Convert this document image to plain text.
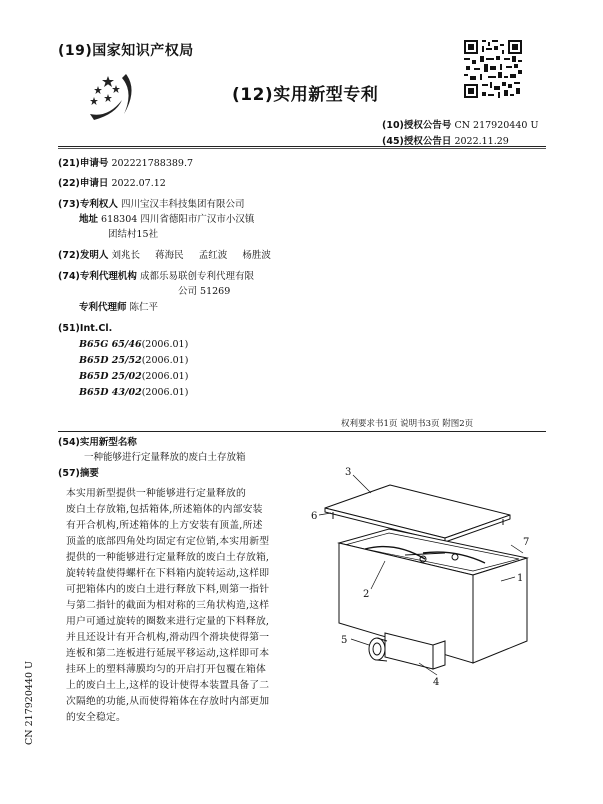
(19)国家知识产权局
(12)实用新型专利
(10)授权公告号 CN 217920440 U
(45)授权公告日 2022.11.29
(21)申请号 202221788389.7
(22)申请日 2022.07.12
(73)专利权人 四川宝汉丰科技集团有限公司
地址 618304 四川省德阳市广汉市小汉镇
团结村15社
(72)发明人 刘兆长 蒋海民 孟红波 杨胜波
(74)专利代理机构 成都乐易联创专利代理有限
公司 51269
专利代理师 陈仁平
(51)Int.Cl.
B65G 65/46(2006.01)
B65D 25/52(2006.01)
B65D 25/02(2006.01)
B65D 43/02(2006.01)
权利要求书1页 说明书3页 附图2页
(54)实用新型名称
一种能够进行定量释放的废白土存放箱
(57)摘要
本实用新型提供一种能够进行定量释放的
废白土存放箱,包括箱体,所述箱体的内部安装
有开合机构,所述箱体的上方安装有顶盖,所述
顶盖的底部四角处均固定有定位销,本实用新型
提供的一种能够进行定量释放的废白土存放箱,
旋转转盘使得螺杆在下料箱内旋转运动,这样即
可把箱体内的废白土进行释放下料,则第一指针
与第二指针的截面为相对称的三角状构造,这样
用户可通过旋转的圈数来进行定量的下料释放,
并且还设计有开合机构,滑动四个滑块使得第一
连板和第二连板进行延展平移运动,这样即可本
挂环上的塑料薄膜均匀的开启打开包覆在箱体
上的废白土上,这样的设计使得本装置具备了二
次隔绝的功能,从而使得箱体在存放时内部更加
的安全稳定。
CN 217920440 U
3
6
7
1
2
5
4
